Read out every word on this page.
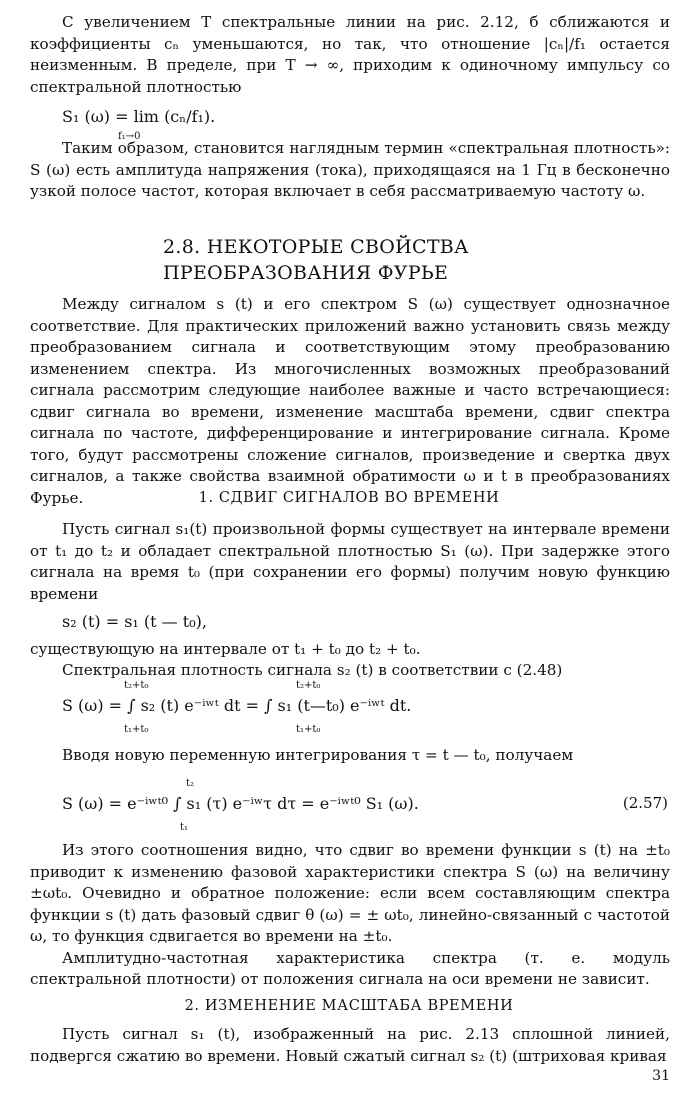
С увеличением T спектральные линии на рис. 2.12, б сближаются и коэффициенты cₙ уменьшаются, но так, что отношение |cₙ|/f₁ остается неизменным. В пределе, при T → ∞, приходим к одиночному импульсу со спектральной плотностью

S₁ (ω) = lim (cₙ/f₁).
f₁→0

Таким образом, становится наглядным термин «спектральная плотность»: S (ω) есть амплитуда напряжения (тока), приходящаяся на 1 Гц в бесконечно узкой полосе частот, которая включает в себя рассматриваемую частоту ω.

2.8. НЕКОТОРЫЕ СВОЙСТВА ПРЕОБРАЗОВАНИЯ ФУРЬЕ

Между сигналом s (t) и его спектром S (ω) существует однозначное соответствие. Для практических приложений важно установить связь между преобразованием сигнала и соответствующим этому преобразованию изменением спектра. Из многочисленных возможных преобразований сигнала рассмотрим следующие наиболее важные и часто встречающиеся: сдвиг сигнала во времени, изменение масштаба времени, сдвиг спектра сигнала по частоте, дифференцирование и интегрирование сигнала. Кроме того, будут рассмотрены сложение сигналов, произведение и свертка двух сигналов, а также свойства взаимной обратимости ω и t в преобразованиях Фурье.	1. СДВИГ СИГНАЛОВ ВО ВРЕМЕНИ

Пусть сигнал s₁(t) произвольной формы существует на интервале времени от t₁ до t₂ и обладает спектральной плотностью S₁ (ω). При задержке этого сигнала на время t₀ (при сохранении его формы) получим новую функцию времени

s₂ (t) = s₁ (t — t₀),

существующую на интервале от t₁ + t₀ до t₂ + t₀.

Спектральная плотность сигнала s₂ (t) в соответствии с (2.48)

t₂+t₀
t₁+t₀
t₂+t₀
t₁+t₀
S (ω) = ∫ s₂ (t) e⁻ⁱʷᵗ dt = ∫ s₁ (t—t₀) e⁻ⁱʷᵗ dt.

Вводя новую переменную интегрирования τ = t — t₀, получаем

t₂
t₁
S (ω) = e⁻ⁱʷᵗ⁰ ∫ s₁ (τ) e⁻ⁱʷτ dτ = e⁻ⁱʷᵗ⁰ S₁ (ω).	(2.57)

Из этого соотношения видно, что сдвиг во времени функции s (t) на ±t₀ приводит к изменению фазовой характеристики спектра S (ω) на величину ±ωt₀. Очевидно и обратное положение: если всем составляющим спектра функции s (t) дать фазовый сдвиг θ (ω) = ± ωt₀, линейно-связанный с частотой ω, то функция сдвигается во времени на ±t₀.

Амплитудно-частотная характеристика спектра (т. е. модуль спектральной плотности) от положения сигнала на оси времени не зависит.

2. ИЗМЕНЕНИЕ МАСШТАБА ВРЕМЕНИ

Пусть сигнал s₁ (t), изображенный на рис. 2.13 сплошной линией, подвергся сжатию во времени. Новый сжатый сигнал s₂ (t) (штриховая кривая

31
